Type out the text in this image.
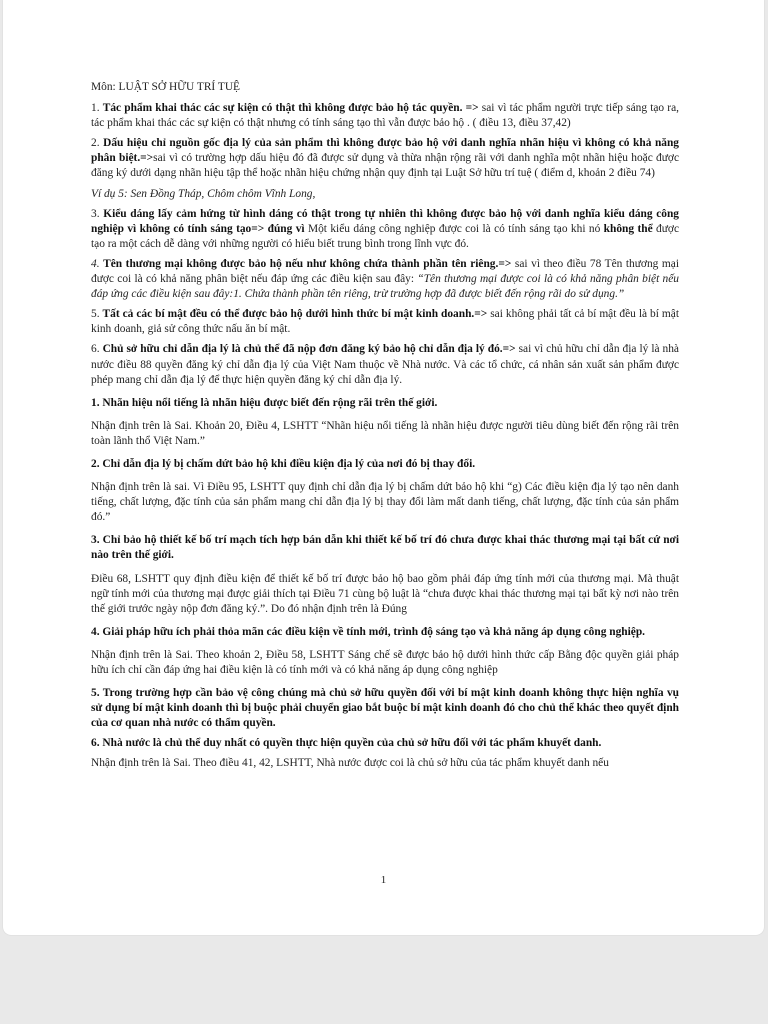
Môn: LUẬT SỞ HỮU TRÍ TUỆ

1. Tác phẩm khai thác các sự kiện có thật thì không được bảo hộ tác quyền. => sai vì tác phẩm người trực tiếp sáng tạo ra, tác phẩm khai thác các sự kiện có thật nhưng có tính sáng tạo thì vẫn được bảo hộ . ( điều 13, điều 37,42)

2. Dấu hiệu chỉ nguồn gốc địa lý của sản phẩm thì không được bảo hộ với danh nghĩa nhãn hiệu vì không có khả năng phân biệt.=>sai vì có trường hợp dấu hiệu đó đã được sử dụng và thừa nhận rộng rãi với danh nghĩa một nhãn hiệu hoặc được đăng ký dưới dạng nhãn hiệu tập thể hoặc nhãn hiệu chứng nhận quy định tại Luật Sở hữu trí tuệ ( điểm d, khoản 2 điều 74)

Ví dụ 5: Sen Đồng Tháp, Chôm chôm Vĩnh Long,

3. Kiểu dáng lấy cảm hứng từ hình dáng có thật trong tự nhiên thì không được bảo hộ với danh nghĩa kiểu dáng công nghiệp vì không có tính sáng tạo=> đúng vì Một kiểu dáng công nghiệp được coi là có tính sáng tạo khi nó không thể được tạo ra một cách dễ dàng với những người có hiểu biết trung bình trong lĩnh vực đó.

4. Tên thương mại không được bảo hộ nếu như không chứa thành phần tên riêng.=> sai vì theo điều 78 Tên thương mại được coi là có khả năng phân biệt nếu đáp ứng các điều kiện sau đây: “Tên thương mại được coi là có khả năng phân biệt nếu đáp ứng các điều kiện sau đây:1. Chứa thành phần tên riêng, trừ trường hợp đã được biết đến rộng rãi do sử dụng.”

5. Tất cả các bí mật đều có thể được bảo hộ dưới hình thức bí mật kinh doanh.=> sai không phải tất cả bí mật đều là bí mật kinh doanh, giả sử công thức nấu ăn bí mật.

6. Chủ sở hữu chỉ dẫn địa lý là chủ thể đã nộp đơn đăng ký bảo hộ chỉ dẫn địa lý đó.=> sai vì chủ hữu chỉ dẫn địa lý là nhà nước điều 88 quyền đăng ký chỉ dẫn địa lý của Việt Nam thuộc về Nhà nước. Và các tổ chức, cá nhân sản xuất sản phẩm được phép mang chỉ dẫn địa lý để thực hiện quyền đăng ký chỉ dẫn địa lý.

1. Nhãn hiệu nổi tiếng là nhãn hiệu được biết đến rộng rãi trên thế giới.

Nhận định trên là Sai. Khoản 20, Điều 4, LSHTT “Nhãn hiệu nổi tiếng là nhãn hiệu được người tiêu dùng biết đến rộng rãi trên toàn lãnh thổ Việt Nam.”

2. Chỉ dẫn địa lý bị chấm dứt bảo hộ khi điều kiện địa lý của nơi đó bị thay đổi.

Nhận định trên là sai. Vì Điều 95, LSHTT quy định chỉ dẫn địa lý bị chấm dứt bảo hộ khi “g) Các điều kiện địa lý tạo nên danh tiếng, chất lượng, đặc tính của sản phẩm mang chỉ dẫn địa lý bị thay đổi làm mất danh tiếng, chất lượng, đặc tính của sản phẩm đó.”

3. Chỉ bảo hộ thiết kế bố trí mạch tích hợp bán dẫn khi thiết kế bố trí đó chưa được khai thác thương mại tại bất cứ nơi nào trên thế giới.

Điều 68, LSHTT quy định điều kiện để thiết kế bố trí được bảo hộ bao gồm phải đáp ứng tính mới của thương mại. Mà thuật ngữ tính mới của thương mại được giải thích tại Điều 71 cùng bộ luật là “chưa được khai thác thương mại tại bất kỳ nơi nào trên thế giới trước ngày nộp đơn đăng ký.”. Do đó nhận định trên là Đúng

4. Giải pháp hữu ích phải thỏa mãn các điều kiện về tính mới, trình độ sáng tạo và khả năng áp dụng công nghiệp.

Nhận định trên là Sai. Theo khoản 2, Điều 58, LSHTT Sáng chế sẽ được bảo hộ dưới hình thức cấp Bằng độc quyền giải pháp hữu ích chỉ cần đáp ứng hai điều kiện là có tính mới và có khả năng áp dụng công nghiệp

5. Trong trường hợp cần bảo vệ công chúng mà chủ sở hữu quyền đối với bí mật kinh doanh không thực hiện nghĩa vụ sử dụng bí mật kinh doanh thì bị buộc phải chuyển giao bắt buộc bí mật kinh doanh đó cho chủ thể khác theo quyết định của cơ quan nhà nước có thẩm quyền.

6. Nhà nước là chủ thể duy nhất có quyền thực hiện quyền của chủ sở hữu đối với tác phẩm khuyết danh.

Nhận định trên là Sai. Theo điều 41, 42, LSHTT, Nhà nước được coi là chủ sở hữu của tác phẩm khuyết danh nếu

1
